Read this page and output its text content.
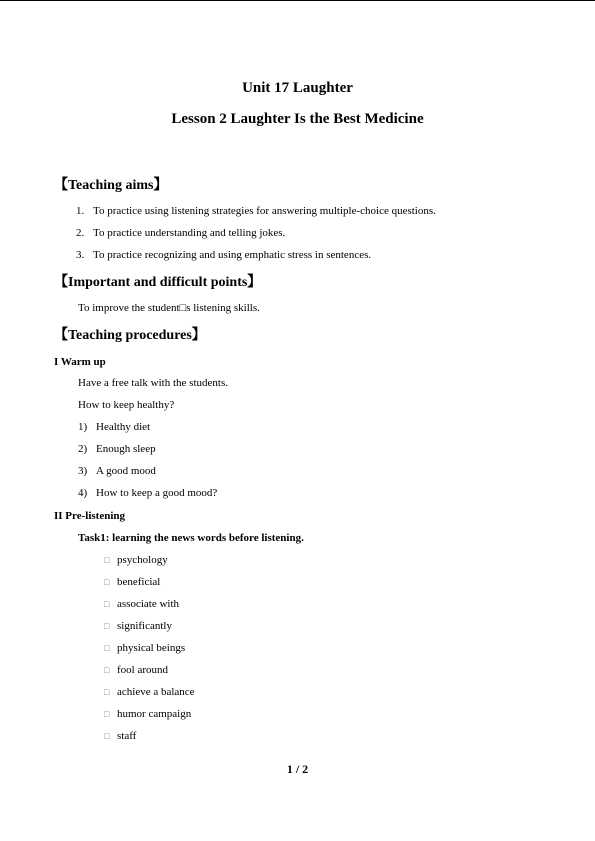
Unit 17 Laughter
Lesson 2 Laughter Is the Best Medicine
【Teaching aims】
1. To practice using listening strategies for answering multiple-choice questions.
2. To practice understanding and telling jokes.
3. To practice recognizing and using emphatic stress in sentences.
【Important and difficult points】
To improve the student□s listening skills.
【Teaching procedures】
I Warm up
Have a free talk with the students.
How to keep healthy?
1) Healthy diet
2) Enough sleep
3) A good mood
4) How to keep a good mood?
II Pre-listening
Task1: learning the news words before listening.
□ psychology
□ beneficial
□ associate with
□ significantly
□ physical beings
□ fool around
□ achieve a balance
□ humor campaign
□ staff
1 / 2
